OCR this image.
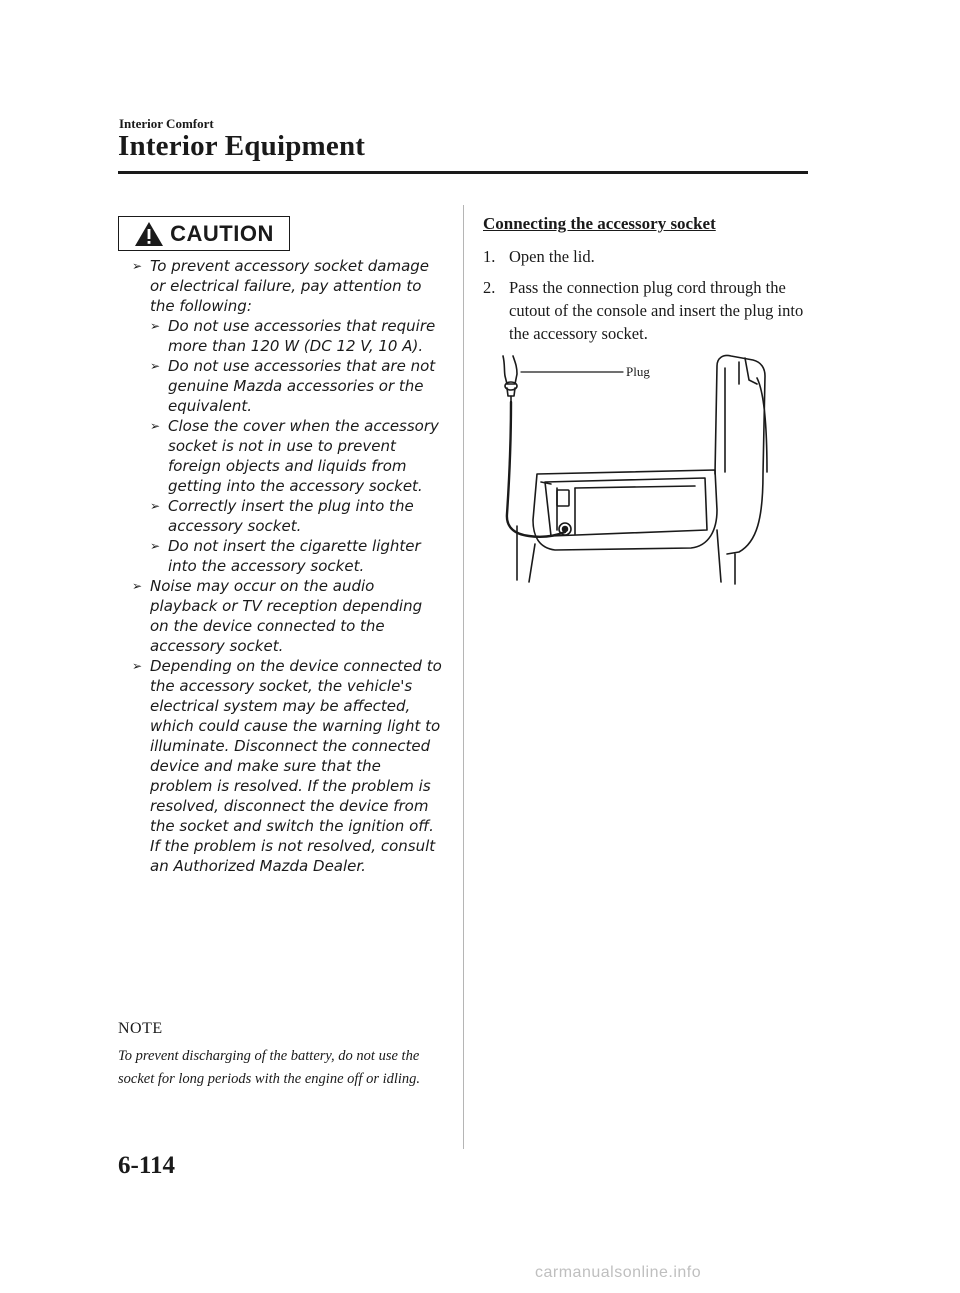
Interior Comfort
Interior Equipment
CAUTION
➢ To prevent accessory socket damage or electrical failure, pay attention to the following:
➢ Do not use accessories that require more than 120 W (DC 12 V, 10 A).
➢ Do not use accessories that are not genuine Mazda accessories or the equivalent.
➢ Close the cover when the accessory socket is not in use to prevent foreign objects and liquids from getting into the accessory socket.
➢ Correctly insert the plug into the accessory socket.
➢ Do not insert the cigarette lighter into the accessory socket.
➢ Noise may occur on the audio playback or TV reception depending on the device connected to the accessory socket.
➢ Depending on the device connected to the accessory socket, the vehicle's electrical system may be affected, which could cause the warning light to illuminate. Disconnect the connected device and make sure that the problem is resolved. If the problem is resolved, disconnect the device from the socket and switch the ignition off. If the problem is not resolved, consult an Authorized Mazda Dealer.
NOTE
To prevent discharging of the battery, do not use the socket for long periods with the engine off or idling.
Connecting the accessory socket
1. Open the lid.
2. Pass the connection plug cord through the cutout of the console and insert the plug into the accessory socket.
Plug
6-114
carmanualsonline.info
